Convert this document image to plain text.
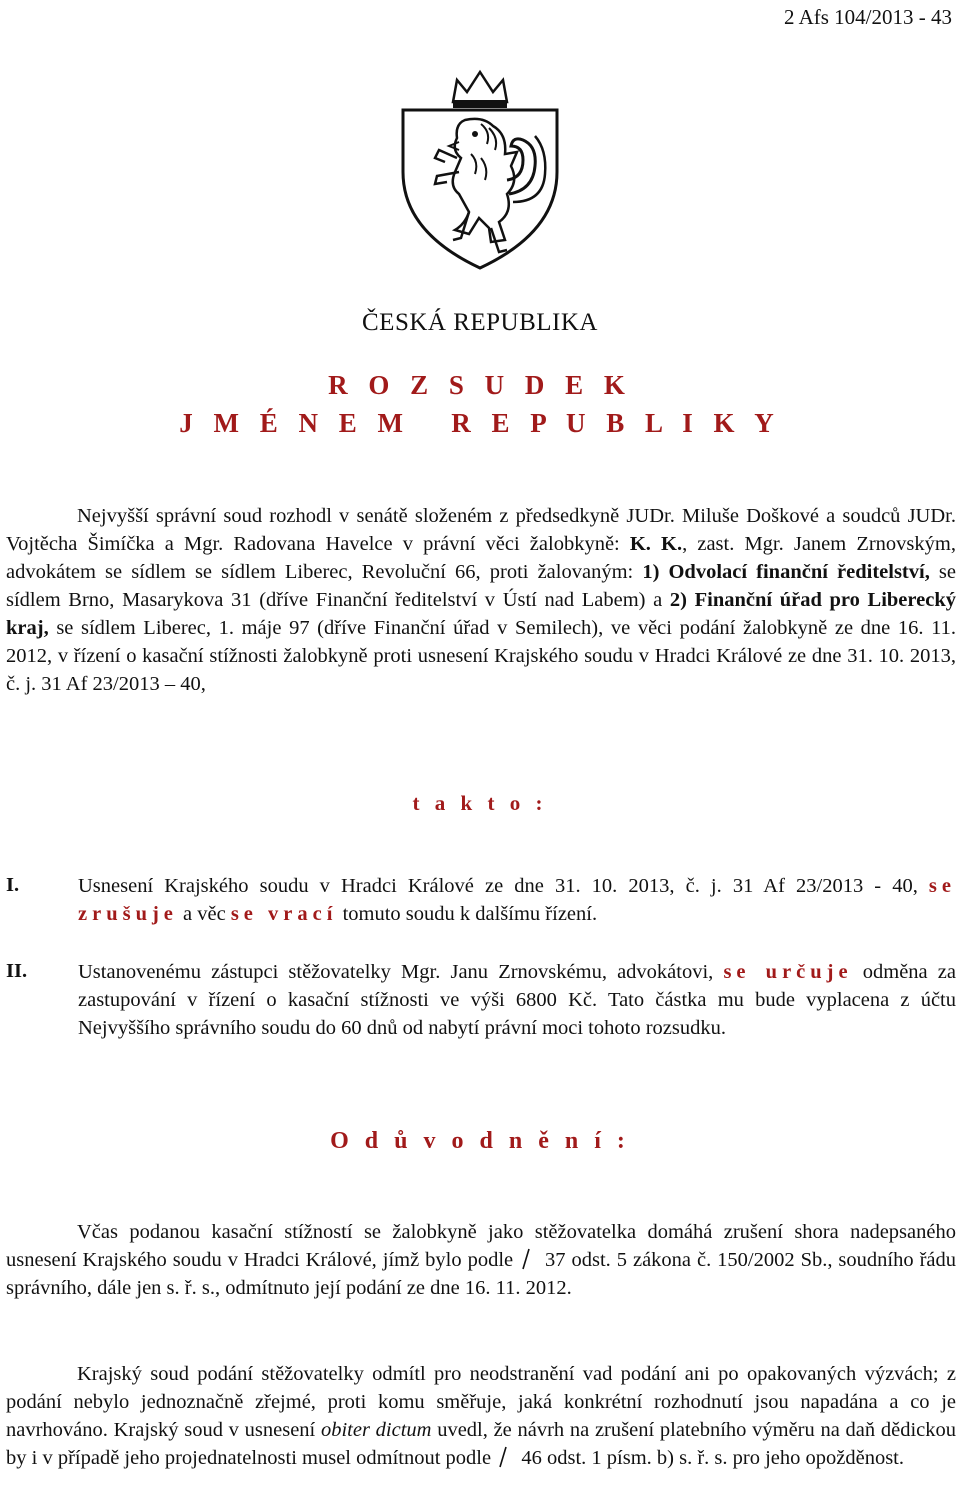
2 Afs 104/2013 - 43
ČESKÁ REPUBLIKA
R O Z S U D E K
J M É N E M   R E P U B L I K Y
Nejvyšší správní soud rozhodl v senátě složeném z předsedkyně JUDr. Miluše Doškové a soudců JUDr. Vojtěcha Šimíčka a Mgr. Radovana Havelce v právní věci žalobkyně: K. K., zast. Mgr. Janem Zrnovským, advokátem se sídlem se sídlem Liberec, Revoluční 66, proti žalovaným: 1) Odvolací finanční ředitelství, se sídlem Brno, Masarykova 31 (dříve Finanční ředitelství v Ústí nad Labem) a 2) Finanční úřad pro Liberecký kraj, se sídlem Liberec, 1. máje 97 (dříve Finanční úřad v Semilech), ve věci podání žalobkyně ze dne 16. 11. 2012, v řízení o kasační stížnosti žalobkyně proti usnesení Krajského soudu v Hradci Králové ze dne 31. 10. 2013, č. j. 31 Af 23/2013 – 40,
t a k t o :
I.	Usnesení Krajského soudu v Hradci Králové ze dne 31. 10. 2013, č. j. 31 Af 23/2013 - 40, se zrušuje a věc se vrací tomuto soudu k dalšímu řízení.
II. Ustanovenému zástupci stěžovatelky Mgr. Janu Zrnovskému, advokátovi, se určuje odměna za zastupování v řízení o kasační stížnosti ve výši 6800 Kč. Tato částka mu bude vyplacena z účtu Nejvyššího správního soudu do 60 dnů od nabytí právní moci tohoto rozsudku.
O d ů v o d n ě n í :
Včas podanou kasační stížností se žalobkyně jako stěžovatelka domáhá zrušení shora nadepsaného usnesení Krajského soudu v Hradci Králové, jímž bylo podle  37 odst. 5 zákona č. 150/2002 Sb., soudního řádu správního, dále jen s. ř. s., odmítnuto její podání ze dne 16. 11. 2012.
Krajský soud podání stěžovatelky odmítl pro neodstranění vad podání ani po opakovaných výzvách; z podání nebylo jednoznačně zřejmé, proti komu směřuje, jaká konkrétní rozhodnutí jsou napadána a co je navrhováno. Krajský soud v usnesení obiter dictum uvedl, že návrh na zrušení platebního výměru na daň dědickou by i v případě jeho projednatelnosti musel odmítnout podle  46 odst. 1 písm. b) s. ř. s. pro jeho opožděnost.
